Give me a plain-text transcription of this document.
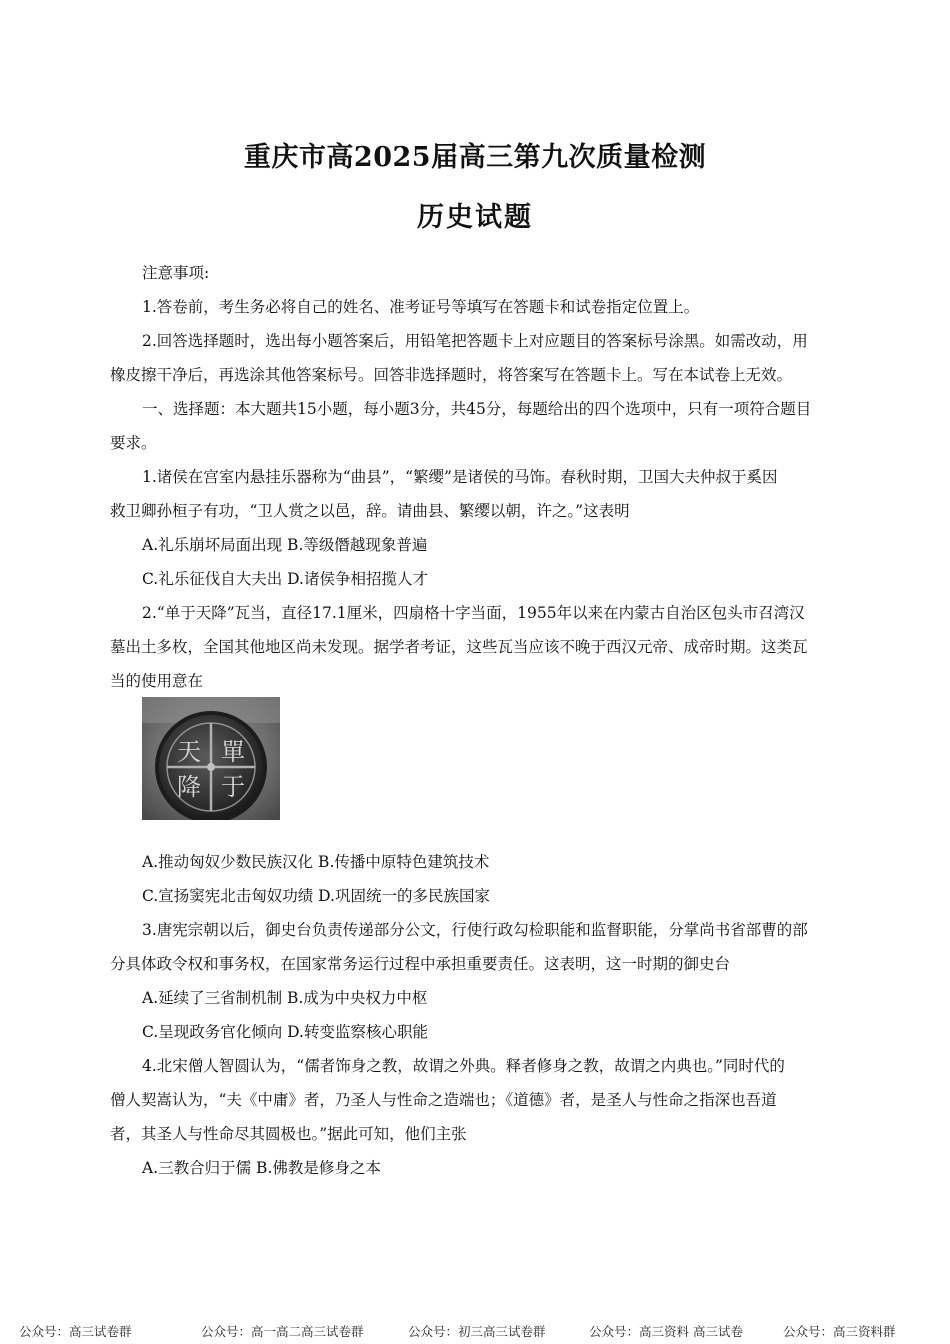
重庆市高2025届高三第九次质量检测
历史试题
注意事项:
1.答卷前，考生务必将自己的姓名、准考证号等填写在答题卡和试卷指定位置上。
2.回答选择题时，选出每小题答案后，用铅笔把答题卡上对应题目的答案标号涂黑。如需改动，用
橡皮擦干净后，再选涂其他答案标号。回答非选择题时，将答案写在答题卡上。写在本试卷上无效。
一、选择题：本大题共15小题，每小题3分，共45分，每题给出的四个选项中，只有一项符合题目
要求。
1.诸侯在宫室内悬挂乐器称为“曲县”，“繁缨”是诸侯的马饰。春秋时期，卫国大夫仲叔于奚因
救卫卿孙桓子有功，“卫人赏之以邑，辞。请曲县、繁缨以朝，许之。”这表明
A.礼乐崩坏局面出现 B.等级僭越现象普遍
C.礼乐征伐自大夫出 D.诸侯争相招揽人才
2.“单于天降”瓦当，直径17.1厘米，四扇格十字当面，1955年以来在内蒙古自治区包头市召湾汉
墓出土多枚，全国其他地区尚未发现。据学者考证，这些瓦当应该不晚于西汉元帝、成帝时期。这类瓦
当的使用意在
天 單
降 于
A.推动匈奴少数民族汉化 B.传播中原特色建筑技术
C.宣扬窦宪北击匈奴功绩 D.巩固统一的多民族国家
3.唐宪宗朝以后，御史台负责传递部分公文，行使行政勾检职能和监督职能，分掌尚书省部曹的部
分具体政令权和事务权，在国家常务运行过程中承担重要责任。这表明，这一时期的御史台
A.延续了三省制机制 B.成为中央权力中枢
C.呈现政务官化倾向 D.转变监察核心职能
4.北宋僧人智圆认为，“儒者饰身之教，故谓之外典。释者修身之教，故谓之内典也。”同时代的
僧人契嵩认为，“夫《中庸》者，乃圣人与性命之造端也；《道德》者，是圣人与性命之指深也吾道
者，其圣人与性命尽其圆极也。”据此可知，他们主张
A.三教合归于儒 B.佛教是修身之本
公众号：高三试卷群	公众号：高一高二高三试卷群	公众号：初三高三试卷群	公众号：高三资料 高三试卷	公众号：高三资料群
